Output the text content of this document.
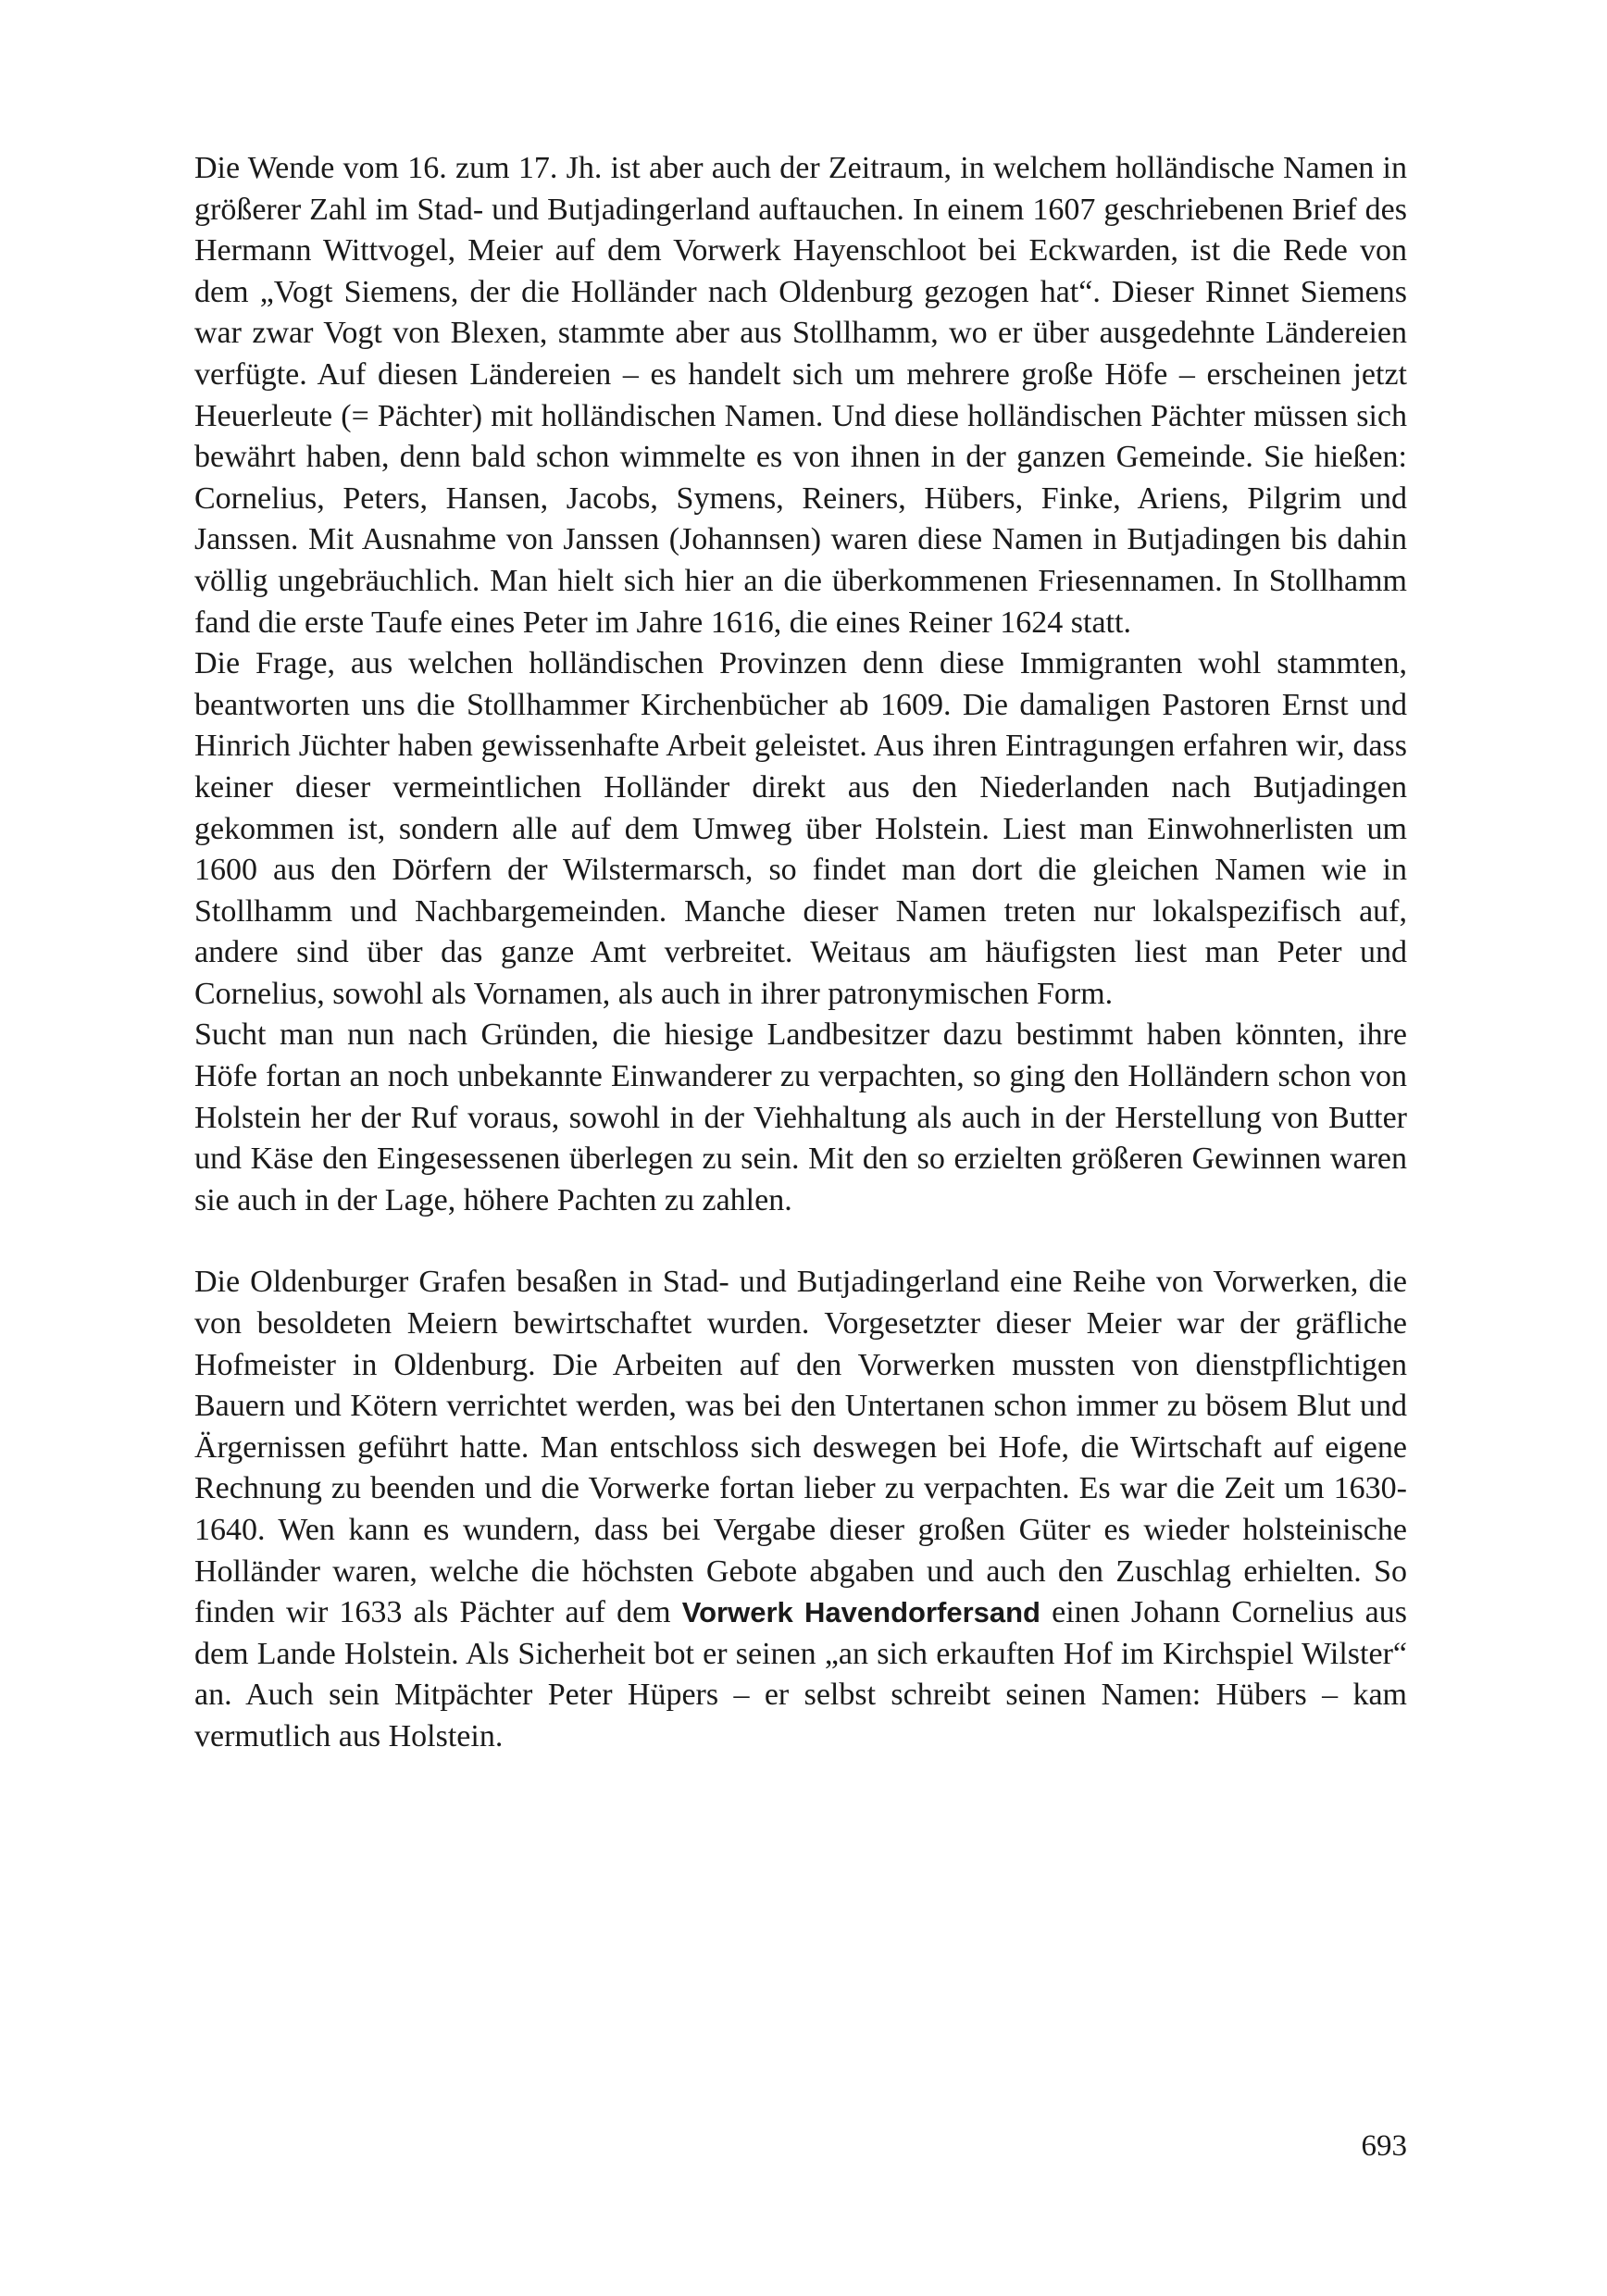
Die Wende vom 16. zum 17. Jh. ist aber auch der Zeitraum, in welchem holländische Namen in größerer Zahl im Stad- und Butjadingerland auftauchen. In einem 1607 geschriebenen Brief des Hermann Wittvogel, Meier auf dem Vorwerk Hayenschloot bei Eckwarden, ist die Rede von dem „Vogt Siemens, der die Holländer nach Oldenburg gezogen hat“. Dieser Rinnet Siemens war zwar Vogt von Blexen, stammte aber aus Stollhamm, wo er über ausgedehnte Ländereien verfügte. Auf diesen Ländereien – es handelt sich um mehrere große Höfe – erscheinen jetzt Heuerleute (= Pächter) mit holländischen Namen. Und diese holländischen Pächter müssen sich bewährt haben, denn bald schon wimmelte es von ihnen in der ganzen Gemeinde. Sie hießen: Cornelius, Peters, Hansen, Jacobs, Symens, Reiners, Hübers, Finke, Ariens, Pilgrim und Janssen. Mit Ausnahme von Janssen (Johannsen) waren diese Namen in Butjadingen bis dahin völlig ungebräuchlich. Man hielt sich hier an die überkommenen Friesennamen. In Stollhamm fand die erste Taufe eines Peter im Jahre 1616, die eines Reiner 1624 statt.

Die Frage, aus welchen holländischen Provinzen denn diese Immigranten wohl stammten, beantworten uns die Stollhammer Kirchenbücher ab 1609. Die damaligen Pastoren Ernst und Hinrich Jüchter haben gewissenhafte Arbeit geleistet. Aus ihren Eintragungen erfahren wir, dass keiner dieser vermeintlichen Holländer direkt aus den Niederlanden nach Butjadingen gekommen ist, sondern alle auf dem Umweg über Holstein. Liest man Einwohnerlisten um 1600 aus den Dörfern der Wilstermarsch, so findet man dort die gleichen Namen wie in Stollhamm und Nachbargemeinden. Manche dieser Namen treten nur lokalspezifisch auf, andere sind über das ganze Amt verbreitet. Weitaus am häufigsten liest man Peter und Cornelius, sowohl als Vornamen, als auch in ihrer patronymischen Form.

Sucht man nun nach Gründen, die hiesige Landbesitzer dazu bestimmt haben könnten, ihre Höfe fortan an noch unbekannte Einwanderer zu verpachten, so ging den Holländern schon von Holstein her der Ruf voraus, sowohl in der Viehhaltung als auch in der Herstellung von Butter und Käse den Eingesessenen überlegen zu sein. Mit den so erzielten größeren Gewinnen waren sie auch in der Lage, höhere Pachten zu zahlen.

Die Oldenburger Grafen besaßen in Stad- und Butjadingerland eine Reihe von Vorwerken, die von besoldeten Meiern bewirtschaftet wurden. Vorgesetzter dieser Meier war der gräfliche Hofmeister in Oldenburg. Die Arbeiten auf den Vorwerken mussten von dienstpflichtigen Bauern und Kötern verrichtet werden, was bei den Untertanen schon immer zu bösem Blut und Ärgernissen geführt hatte. Man entschloss sich deswegen bei Hofe, die Wirtschaft auf eigene Rechnung zu beenden und die Vorwerke fortan lieber zu verpachten. Es war die Zeit um 1630-1640. Wen kann es wundern, dass bei Vergabe dieser großen Güter es wieder holsteinische Holländer waren, welche die höchsten Gebote abgaben und auch den Zuschlag erhielten. So finden wir 1633 als Pächter auf dem Vorwerk Havendorfersand einen Johann Cornelius aus dem Lande Holstein. Als Sicherheit bot er seinen „an sich erkauften Hof im Kirchspiel Wilster“ an. Auch sein Mitpächter Peter Hüpers – er selbst schreibt seinen Namen: Hübers – kam vermutlich aus Holstein.

693
